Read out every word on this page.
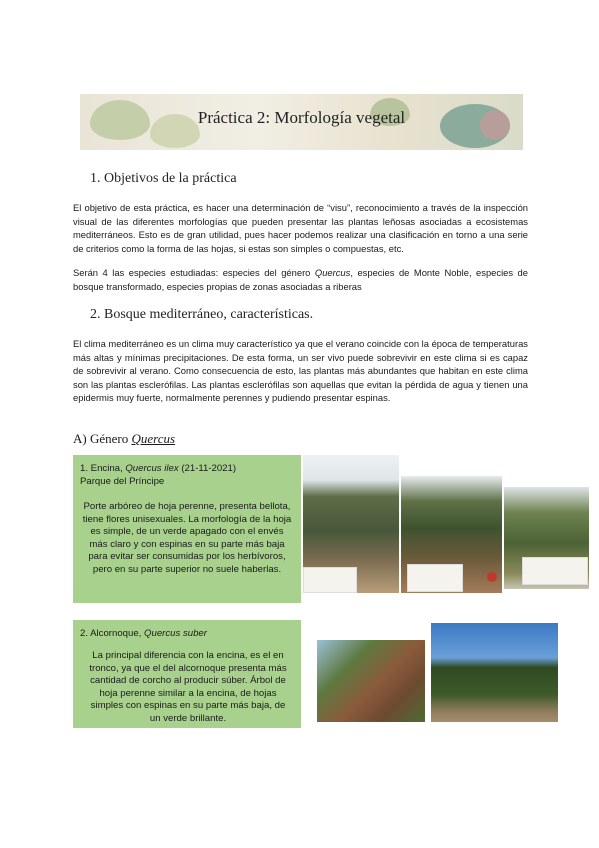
Práctica 2: Morfología vegetal
1. Objetivos de la práctica

El objetivo de esta práctica, es hacer una determinación de “visu”, reconocimiento a través de la inspección visual de las diferentes morfologías que pueden presentar las plantas leñosas asociadas a ecosistemas mediterráneos. Esto es de gran utilidad, pues hacer podemos realizar una clasificación en torno a una serie de criterios como la forma de las hojas, si estas son simples o compuestas, etc.

Serán 4 las especies estudiadas: especies del género Quercus, especies de Monte Noble, especies de bosque transformado, especies propias de zonas asociadas a riberas

2. Bosque mediterráneo, características.

El clima mediterráneo es un clima muy característico ya que el verano coincide con la época de temperaturas más altas y mínimas precipitaciones. De esta forma, un ser vivo puede sobrevivir en este clima si es capaz de sobrevivir al verano. Como consecuencia de esto, las plantas más abundantes que habitan en este clima son las plantas esclerófilas. Las plantas esclerófilas son aquellas que evitan la pérdida de agua y tienen una epidermis muy fuerte, normalmente perennes y pudiendo presentar espinas.

A) Género Quercus
1. Encina, Quercus ilex (21-11-2021)
Parque del Príncipe
Porte arbóreo de hoja perenne, presenta bellota, tiene flores unisexuales. La morfología de la hoja es simple, de un verde apagado con el envés más claro y con espinas en su parte más baja para evitar ser consumidas por los herbívoros, pero en su parte superior no suele haberlas.
2. Alcornoque, Quercus suber
La principal diferencia con la encina, es el en tronco, ya que el del alcornoque presenta más cantidad de corcho al producir súber. Árbol de hoja perenne similar a la encina, de hojas simples con espinas en su parte más baja, de un verde brillante.
